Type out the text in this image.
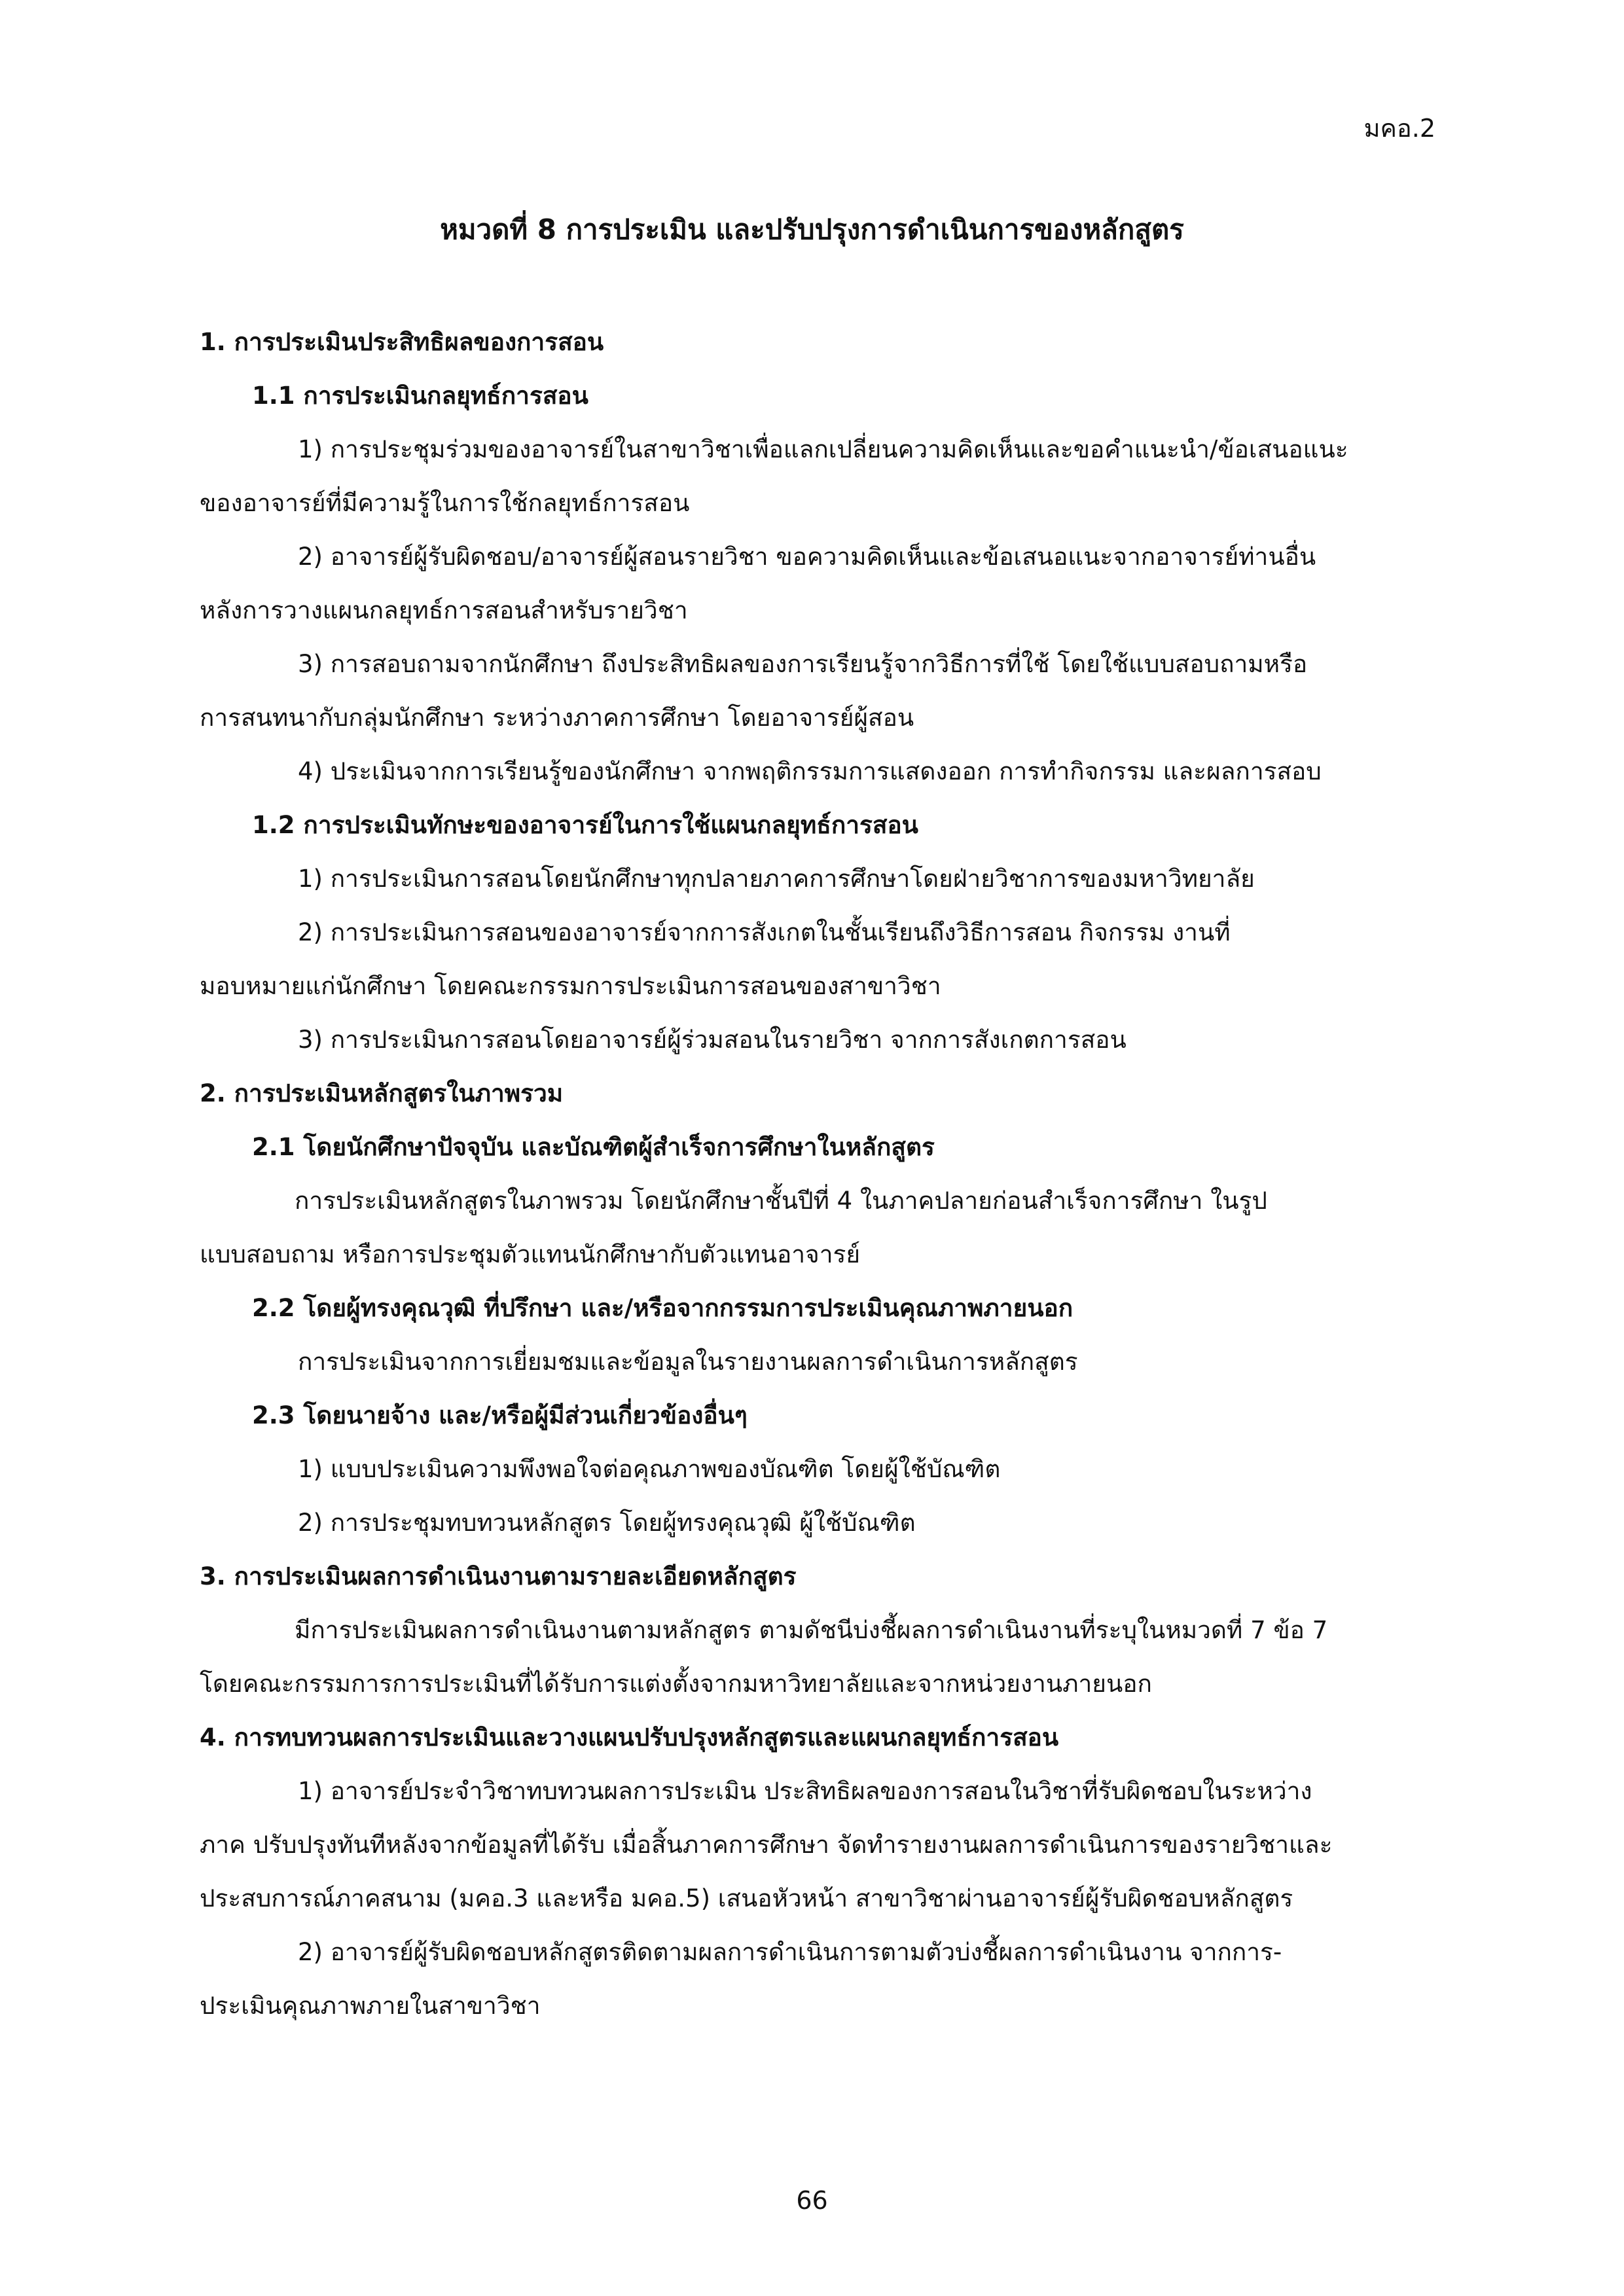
มคอ.2
หมวดที่ 8 การประเมิน และปรับปรุงการดำเนินการของหลักสูตร
1. การประเมินประสิทธิผลของการสอน
1.1 การประเมินกลยุทธ์การสอน
1) การประชุมร่วมของอาจารย์ในสาขาวิชาเพื่อแลกเปลี่ยนความคิดเห็นและขอคำแนะนำ/ข้อเสนอแนะ
ของอาจารย์ที่มีความรู้ในการใช้กลยุทธ์การสอน
2) อาจารย์ผู้รับผิดชอบ/อาจารย์ผู้สอนรายวิชา ขอความคิดเห็นและข้อเสนอแนะจากอาจารย์ท่านอื่น
หลังการวางแผนกลยุทธ์การสอนสำหรับรายวิชา
3) การสอบถามจากนักศึกษา ถึงประสิทธิผลของการเรียนรู้จากวิธีการที่ใช้ โดยใช้แบบสอบถามหรือ
การสนทนากับกลุ่มนักศึกษา ระหว่างภาคการศึกษา โดยอาจารย์ผู้สอน
4) ประเมินจากการเรียนรู้ของนักศึกษา จากพฤติกรรมการแสดงออก การทำกิจกรรม และผลการสอบ
1.2 การประเมินทักษะของอาจารย์ในการใช้แผนกลยุทธ์การสอน
1) การประเมินการสอนโดยนักศึกษาทุกปลายภาคการศึกษาโดยฝ่ายวิชาการของมหาวิทยาลัย
2) การประเมินการสอนของอาจารย์จากการสังเกตในชั้นเรียนถึงวิธีการสอน กิจกรรม งานที่
มอบหมายแก่นักศึกษา โดยคณะกรรมการประเมินการสอนของสาขาวิชา
3) การประเมินการสอนโดยอาจารย์ผู้ร่วมสอนในรายวิชา จากการสังเกตการสอน
2. การประเมินหลักสูตรในภาพรวม
2.1 โดยนักศึกษาปัจจุบัน และบัณฑิตผู้สำเร็จการศึกษาในหลักสูตร
การประเมินหลักสูตรในภาพรวม โดยนักศึกษาชั้นปีที่ 4 ในภาคปลายก่อนสำเร็จการศึกษา ในรูป
แบบสอบถาม หรือการประชุมตัวแทนนักศึกษากับตัวแทนอาจารย์
2.2 โดยผู้ทรงคุณวุฒิ ที่ปรึกษา และ/หรือจากกรรมการประเมินคุณภาพภายนอก
การประเมินจากการเยี่ยมชมและข้อมูลในรายงานผลการดำเนินการหลักสูตร
2.3 โดยนายจ้าง และ/หรือผู้มีส่วนเกี่ยวข้องอื่นๆ
1) แบบประเมินความพึงพอใจต่อคุณภาพของบัณฑิต โดยผู้ใช้บัณฑิต
2) การประชุมทบทวนหลักสูตร โดยผู้ทรงคุณวุฒิ ผู้ใช้บัณฑิต
3. การประเมินผลการดำเนินงานตามรายละเอียดหลักสูตร
มีการประเมินผลการดำเนินงานตามหลักสูตร ตามดัชนีบ่งชี้ผลการดำเนินงานที่ระบุในหมวดที่ 7 ข้อ 7
โดยคณะกรรมการการประเมินที่ได้รับการแต่งตั้งจากมหาวิทยาลัยและจากหน่วยงานภายนอก
4. การทบทวนผลการประเมินและวางแผนปรับปรุงหลักสูตรและแผนกลยุทธ์การสอน
1) อาจารย์ประจำวิชาทบทวนผลการประเมิน ประสิทธิผลของการสอนในวิชาที่รับผิดชอบในระหว่าง
ภาค ปรับปรุงทันทีหลังจากข้อมูลที่ได้รับ เมื่อสิ้นภาคการศึกษา จัดทำรายงานผลการดำเนินการของรายวิชาและ
ประสบการณ์ภาคสนาม (มคอ.3 และหรือ มคอ.5) เสนอหัวหน้า สาขาวิชาผ่านอาจารย์ผู้รับผิดชอบหลักสูตร
2) อาจารย์ผู้รับผิดชอบหลักสูตรติดตามผลการดำเนินการตามตัวบ่งชี้ผลการดำเนินงาน จากการ-
ประเมินคุณภาพภายในสาขาวิชา
66
